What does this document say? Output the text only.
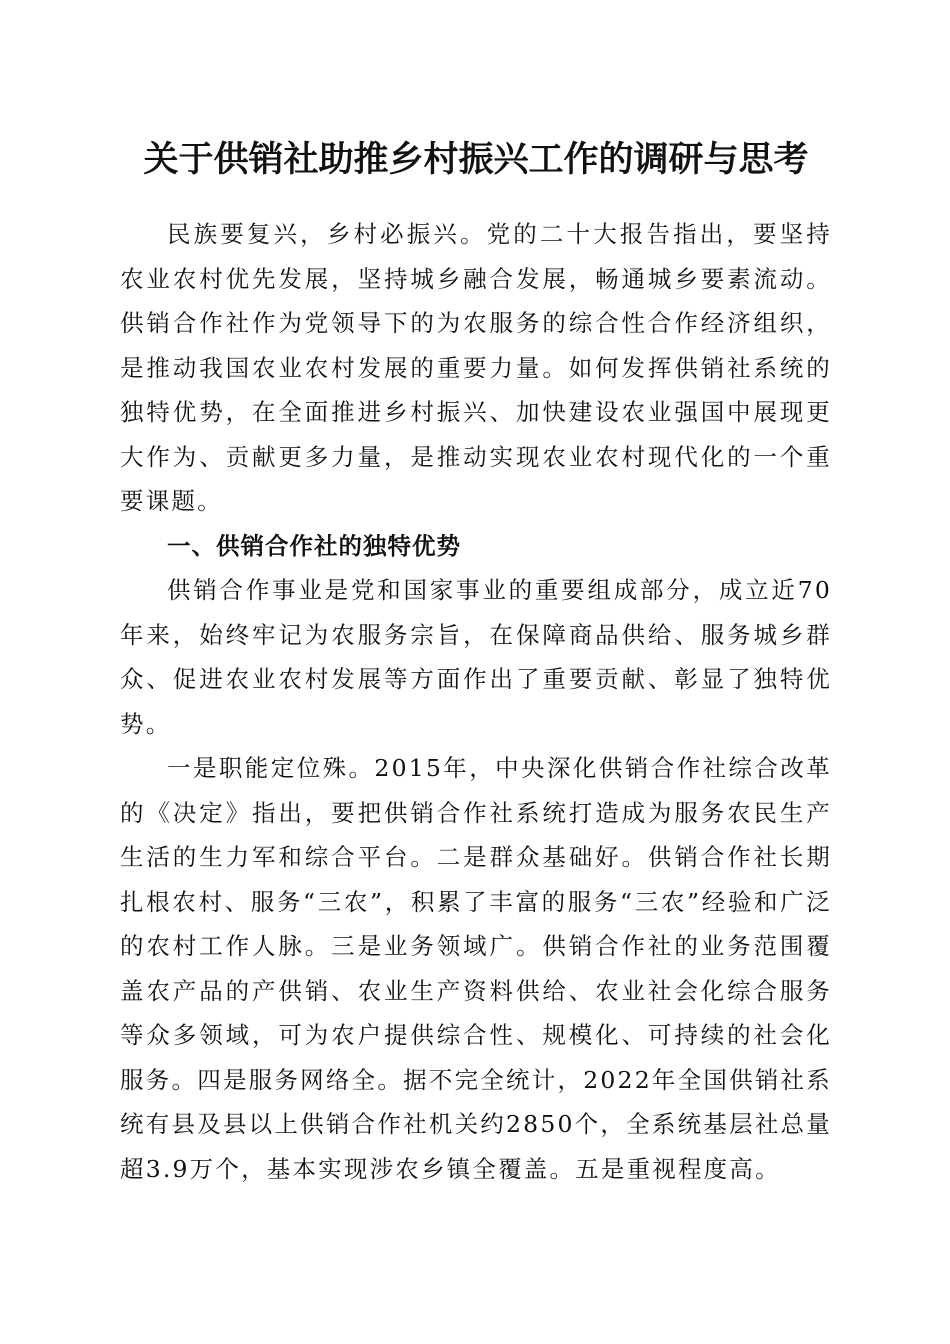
关于供销社助推乡村振兴工作的调研与思考

民族要复兴，乡村必振兴。党的二十大报告指出，要坚持农业农村优先发展，坚持城乡融合发展，畅通城乡要素流动。供销合作社作为党领导下的为农服务的综合性合作经济组织，是推动我国农业农村发展的重要力量。如何发挥供销社系统的独特优势，在全面推进乡村振兴、加快建设农业强国中展现更大作为、贡献更多力量，是推动实现农业农村现代化的一个重要课题。

一、供销合作社的独特优势

供销合作事业是党和国家事业的重要组成部分，成立近70年来，始终牢记为农服务宗旨，在保障商品供给、服务城乡群众、促进农业农村发展等方面作出了重要贡献、彰显了独特优势。

一是职能定位殊。2015年，中央深化供销合作社综合改革的《决定》指出，要把供销合作社系统打造成为服务农民生产生活的生力军和综合平台。二是群众基础好。供销合作社长期扎根农村、服务“三农”，积累了丰富的服务“三农”经验和广泛的农村工作人脉。三是业务领域广。供销合作社的业务范围覆盖农产品的产供销、农业生产资料供给、农业社会化综合服务等众多领域，可为农户提供综合性、规模化、可持续的社会化服务。四是服务网络全。据不完全统计，2022年全国供销社系统有县及县以上供销合作社机关约2850个，全系统基层社总量超3.9万个，基本实现涉农乡镇全覆盖。五是重视程度高。
